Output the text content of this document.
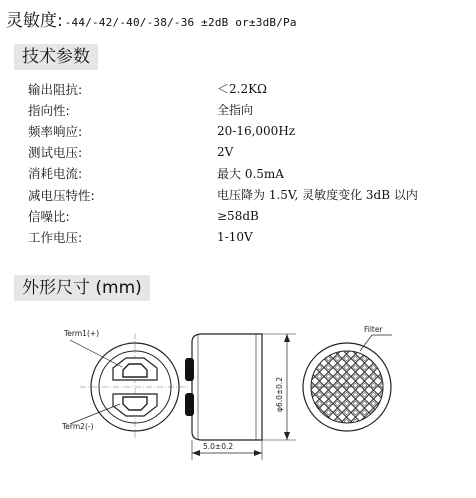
灵敏度: -44/-42/-40/-38/-36 ±2dB or±3dB/Pa
技术参数
输出阻抗:	＜2.2KΩ
指向性:	全指向
频率响应:	20-16,000Hz
测试电压:	2V
消耗电流:	最大 0.5mA
减电压特性:	电压降为 1.5V, 灵敏度变化 3dB 以内
信噪比:	≥58dB
工作电压:	1-10V
外形尺寸 (mm)
Term1(+)
Term2(-)
φ6.0±0.2
5.0±0.2
Filter
